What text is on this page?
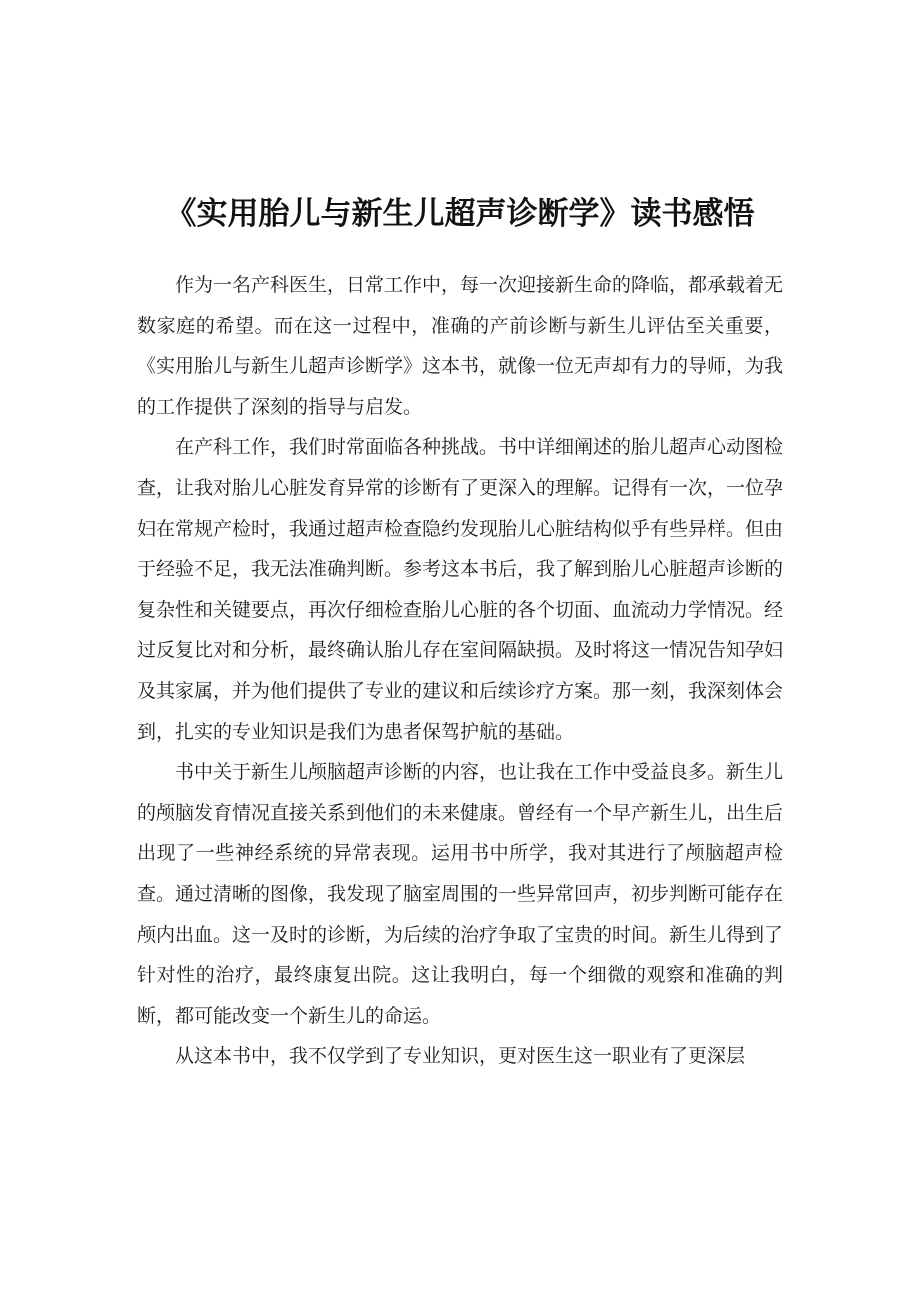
《实用胎儿与新生儿超声诊断学》读书感悟

作为一名产科医生，日常工作中，每一次迎接新生命的降临，都承载着无数家庭的希望。而在这一过程中，准确的产前诊断与新生儿评估至关重要，《实用胎儿与新生儿超声诊断学》这本书，就像一位无声却有力的导师，为我的工作提供了深刻的指导与启发。

在产科工作，我们时常面临各种挑战。书中详细阐述的胎儿超声心动图检查，让我对胎儿心脏发育异常的诊断有了更深入的理解。记得有一次，一位孕妇在常规产检时，我通过超声检查隐约发现胎儿心脏结构似乎有些异样。但由于经验不足，我无法准确判断。参考这本书后，我了解到胎儿心脏超声诊断的复杂性和关键要点，再次仔细检查胎儿心脏的各个切面、血流动力学情况。经过反复比对和分析，最终确认胎儿存在室间隔缺损。及时将这一情况告知孕妇及其家属，并为他们提供了专业的建议和后续诊疗方案。那一刻，我深刻体会到，扎实的专业知识是我们为患者保驾护航的基础。

书中关于新生儿颅脑超声诊断的内容，也让我在工作中受益良多。新生儿的颅脑发育情况直接关系到他们的未来健康。曾经有一个早产新生儿，出生后出现了一些神经系统的异常表现。运用书中所学，我对其进行了颅脑超声检查。通过清晰的图像，我发现了脑室周围的一些异常回声，初步判断可能存在颅内出血。这一及时的诊断，为后续的治疗争取了宝贵的时间。新生儿得到了针对性的治疗，最终康复出院。这让我明白，每一个细微的观察和准确的判断，都可能改变一个新生儿的命运。

从这本书中，我不仅学到了专业知识，更对医生这一职业有了更深层
